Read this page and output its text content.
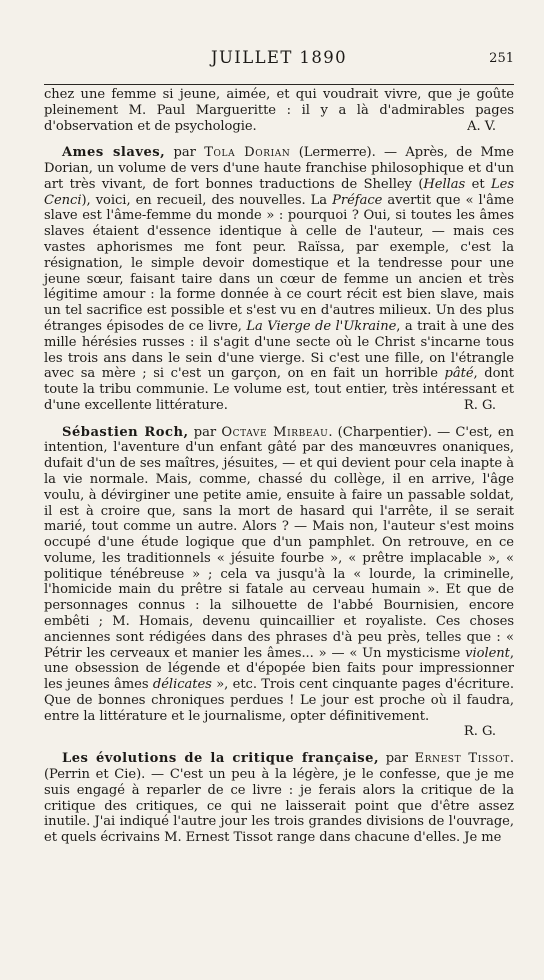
JUILLET 1890	251

chez une femme si jeune, aimée, et qui voudrait vivre, que je goûte pleinement M. Paul Margueritte : il y a là d'admirables pages d'observation et de psychologie.	A. V.

Ames slaves, par Tola Dorian (Lermerre). — Après, de Mme Dorian, un volume de vers d'une haute franchise philosophique et d'un art très vivant, de fort bonnes traductions de Shelley (Hellas et Les Cenci), voici, en recueil, des nouvelles. La Préface avertit que « l'âme slave est l'âme-femme du monde » : pourquoi ? Oui, si toutes les âmes slaves étaient d'essence identique à celle de l'auteur, — mais ces vastes aphorismes me font peur. Raïssa, par exemple, c'est la résignation, le simple devoir domestique et la tendresse pour une jeune sœur, faisant taire dans un cœur de femme un ancien et très légitime amour : la forme donnée à ce court récit est bien slave, mais un tel sacrifice est possible et s'est vu en d'autres milieux. Un des plus étranges épisodes de ce livre, La Vierge de l'Ukraine, a trait à une des mille hérésies russes : il s'agit d'une secte où le Christ s'incarne tous les trois ans dans le sein d'une vierge. Si c'est une fille, on l'étrangle avec sa mère ; si c'est un garçon, on en fait un horrible pâté, dont toute la tribu communie. Le volume est, tout entier, très intéressant et d'une excellente littérature.	R. G.

Sébastien Roch, par Octave Mirbeau. (Charpentier). — C'est, en intention, l'aventure d'un enfant gâté par des manœuvres onaniques, dufait d'un de ses maîtres, jésuites, — et qui devient pour cela inapte à la vie normale. Mais, comme, chassé du collège, il en arrive, l'âge voulu, à dévirginer une petite amie, ensuite à faire un passable soldat, il est à croire que, sans la mort de hasard qui l'arrête, il se serait marié, tout comme un autre. Alors ? — Mais non, l'auteur s'est moins occupé d'une étude logique que d'un pamphlet. On retrouve, en ce volume, les traditionnels « jésuite fourbe », « prêtre implacable », « politique ténébreuse » ; cela va jusqu'à la « lourde, la criminelle, l'homicide main du prêtre si fatale au cerveau humain ». Et que de personnages connus : la silhouette de l'abbé Bournisien, encore embêti ; M. Homais, devenu quincaillier et royaliste. Ces choses anciennes sont rédigées dans des phrases d'à peu près, telles que : « Pétrir les cerveaux et manier les âmes... » — « Un mysticisme violent, une obsession de légende et d'épopée bien faits pour impressionner les jeunes âmes délicates », etc. Trois cent cinquante pages d'écriture. Que de bonnes chroniques perdues ! Le jour est proche où il faudra, entre la littérature et le journalisme, opter définitivement.
R. G.

Les évolutions de la critique française, par Ernest Tissot. (Perrin et Cie). — C'est un peu à la légère, je le confesse, que je me suis engagé à reparler de ce livre : je ferais alors la critique de la critique des critiques, ce qui ne laisserait point que d'être assez inutile. J'ai indiqué l'autre jour les trois grandes divisions de l'ouvrage, et quels écrivains M. Ernest Tissot range dans chacune d'elles. Je me
